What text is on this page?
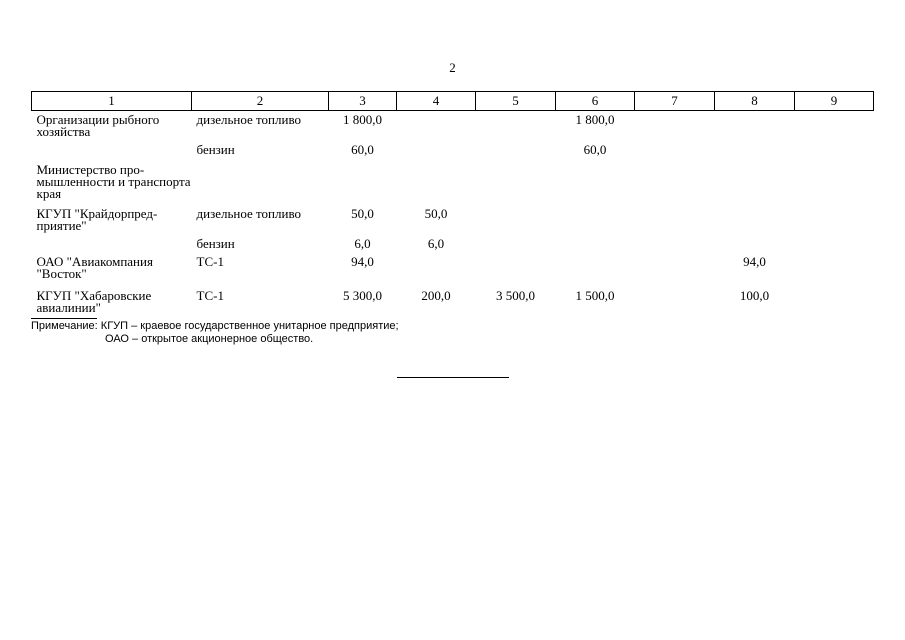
2
1	2	3	4	5	6	7	8	9
Организации рыбного хозяйства	дизельное топливо	1 800,0			1 800,0			
	бензин	60,0			60,0			
Министерство про-мышленности и транспорта края								
КГУП "Крайдорпред-приятие"	дизельное топливо	50,0	50,0					
	бензин	6,0	6,0					
ОАО "Авиакомпания "Восток"	ТС-1	94,0					94,0	
КГУП "Хабаровские авиалинии"	ТС-1	5 300,0	200,0	3 500,0	1 500,0		100,0	
Примечание: КГУП – краевое государственное унитарное предприятие;
ОАО – открытое акционерное общество.
